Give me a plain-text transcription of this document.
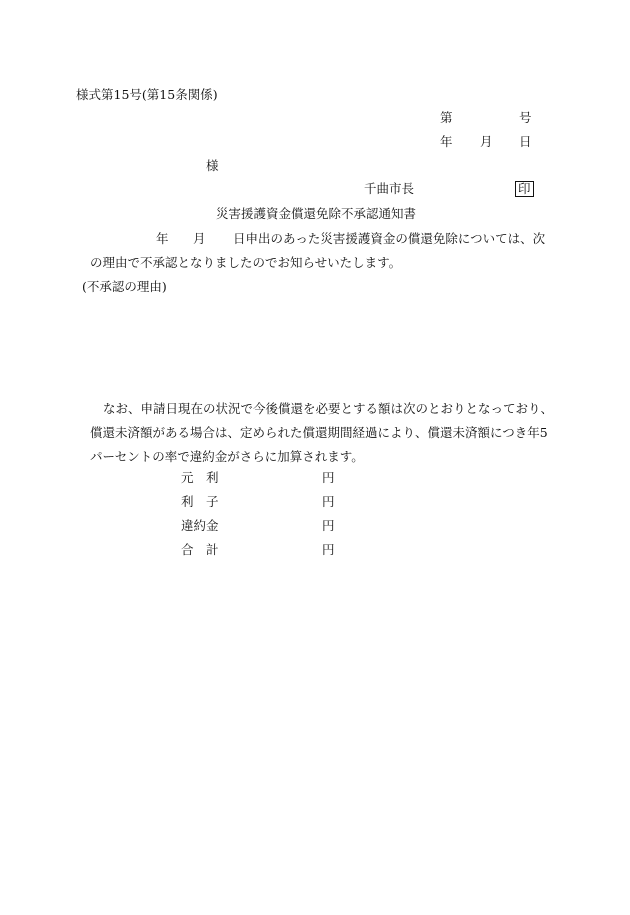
様式第15号(第15条関係)
第	号
年 月 日
様
千曲市長	印
災害援護資金償還免除不承認通知書
年 月 日申出のあった災害援護資金の償還免除については、次
の理由で不承認となりましたのでお知らせいたします。
(不承認の理由)
なお、申請日現在の状況で今後償還を必要とする額は次のとおりとなっており、
償還未済額がある場合は、定められた償還期間経過により、償還未済額につき年5
パーセントの率で違約金がさらに加算されます。
元　利	円
利　子	円
違約金	円
合　計	円
